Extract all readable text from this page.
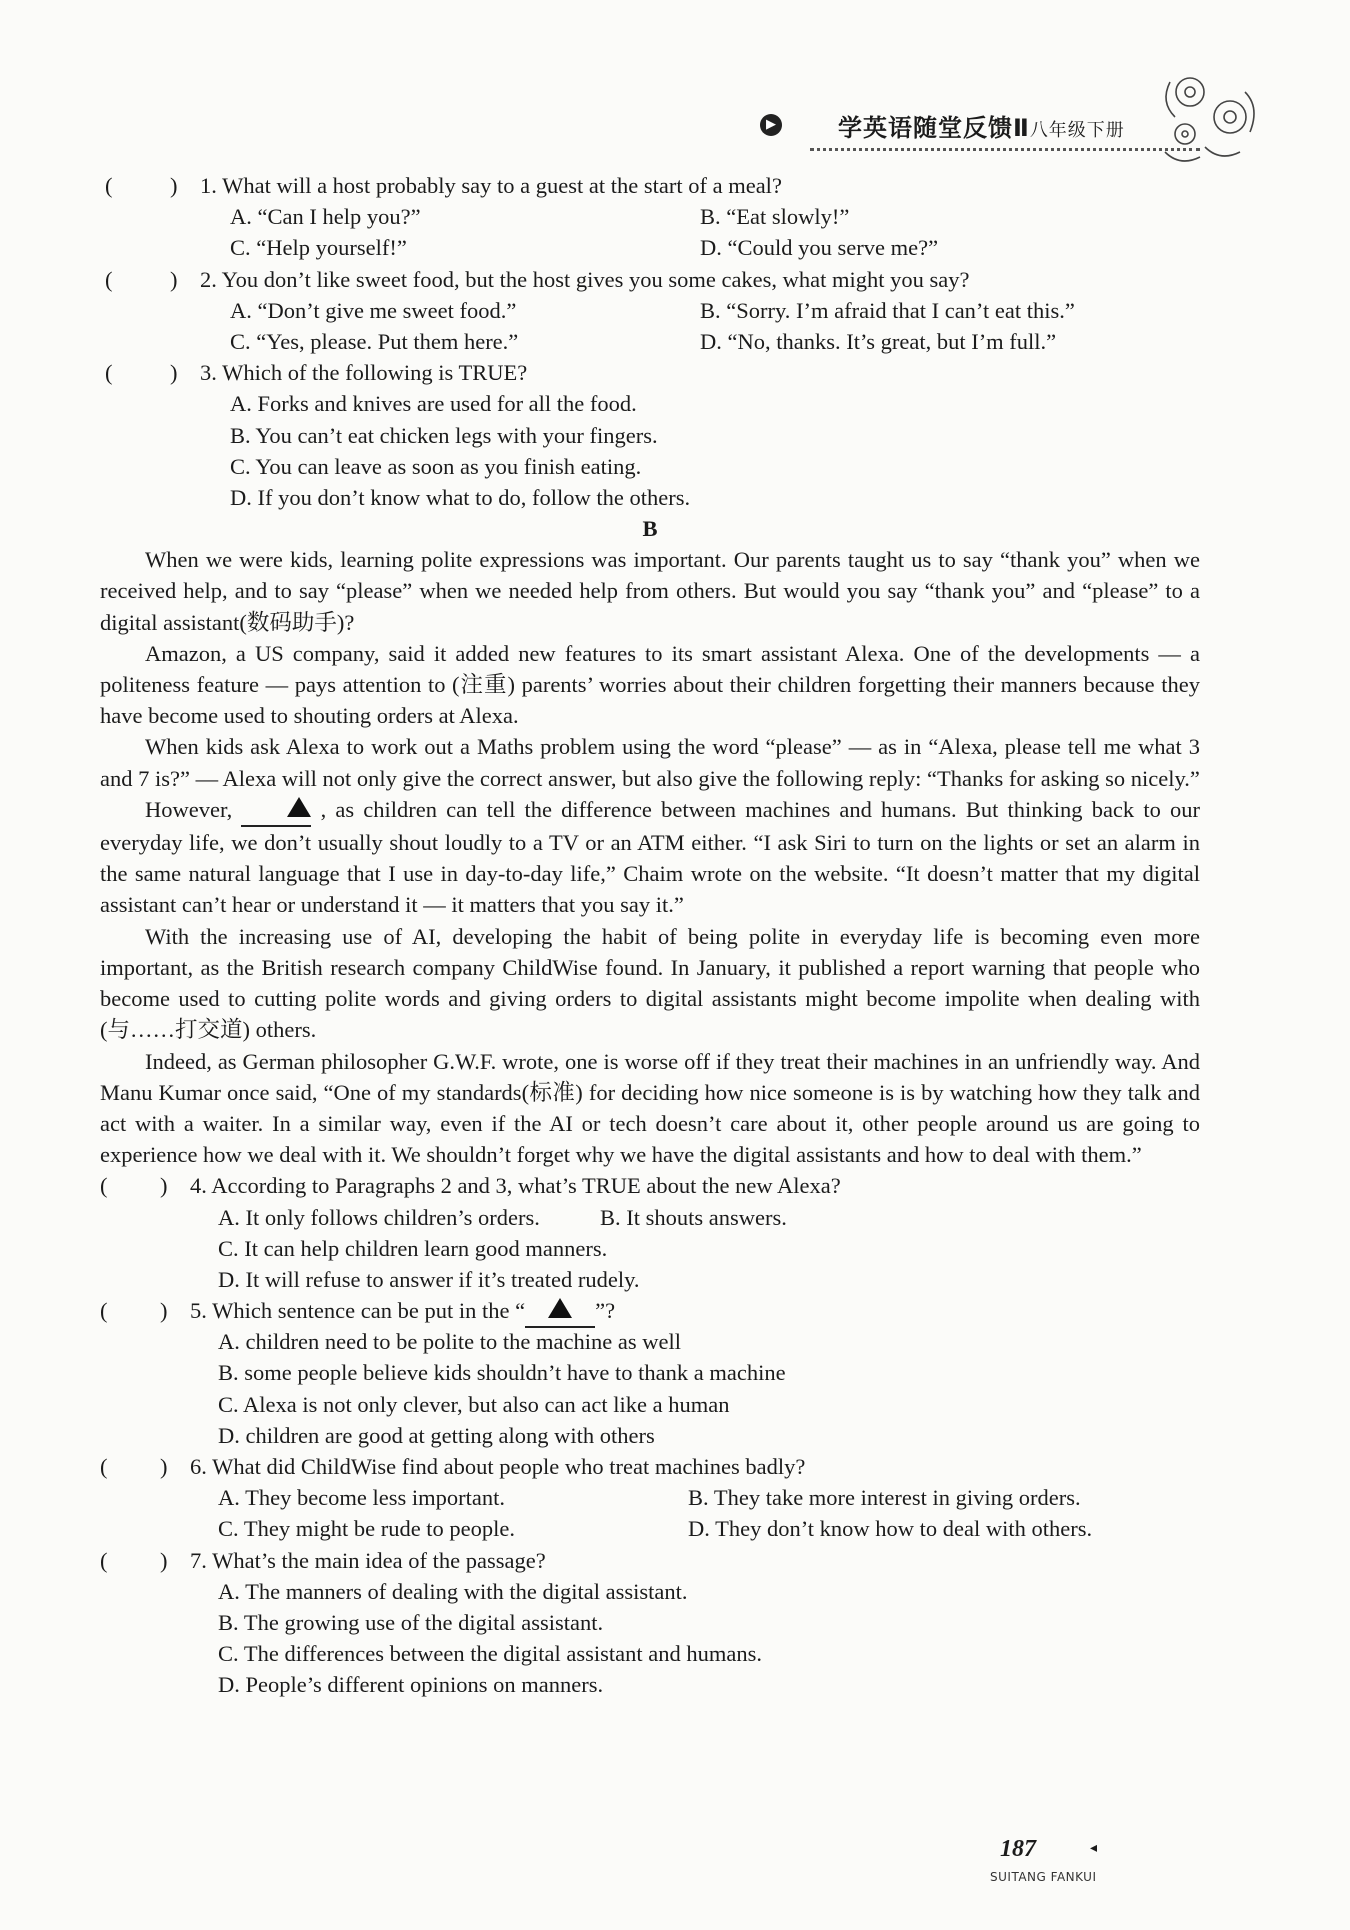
▶	学英语随堂反馈Ⅱ八年级下册
(	) 1. What will a host probably say to a guest at the start of a meal?
A. “Can I help you?”	B. “Eat slowly!”
C. “Help yourself!”	D. “Could you serve me?”
(	) 2. You don’t like sweet food, but the host gives you some cakes, what might you say?
A. “Don’t give me sweet food.”	B. “Sorry. I’m afraid that I can’t eat this.”
C. “Yes, please. Put them here.”	D. “No, thanks. It’s great, but I’m full.”
(	) 3. Which of the following is TRUE?
A. Forks and knives are used for all the food.
B. You can’t eat chicken legs with your fingers.
C. You can leave as soon as you finish eating.
D. If you don’t know what to do, follow the others.
B

When we were kids, learning polite expressions was important. Our parents taught us to say “thank you” when we received help, and to say “please” when we needed help from others. But would you say “thank you” and “please” to a digital assistant(数码助手)?

Amazon, a US company, said it added new features to its smart assistant Alexa. One of the developments — a politeness feature — pays attention to (注重) parents’ worries about their children forgetting their manners because they have become used to shouting orders at Alexa.

When kids ask Alexa to work out a Maths problem using the word “please” — as in “Alexa, please tell me what 3 and 7 is?” — Alexa will not only give the correct answer, but also give the following reply: “Thanks for asking so nicely.”

However,	, as children can tell the difference between machines and humans. But thinking back to our everyday life, we don’t usually shout loudly to a TV or an ATM either. “I ask Siri to turn on the lights or set an alarm in the same natural language that I use in day-to-day life,” Chaim wrote on the website. “It doesn’t matter that my digital assistant can’t hear or understand it — it matters that you say it.”

With the increasing use of AI, developing the habit of being polite in everyday life is becoming even more important, as the British research company ChildWise found. In January, it published a report warning that people who become used to cutting polite words and giving orders to digital assistants might become impolite when dealing with (与……打交道) others.

Indeed, as German philosopher G.W.F. wrote, one is worse off if they treat their machines in an unfriendly way. And Manu Kumar once said, “One of my standards(标准) for deciding how nice someone is is by watching how they talk and act with a waiter. In a similar way, even if the AI or tech doesn’t care about it, other people around us are going to experience how we deal with it. We shouldn’t forget why we have the digital assistants and how to deal with them.”

( ) 4. According to Paragraphs 2 and 3, what’s TRUE about the new Alexa?
A. It only follows children’s orders.	B. It shouts answers.
C. It can help children learn good manners.
D. It will refuse to answer if it’s treated rudely.
( ) 5. Which sentence can be put in the “	”?
A. children need to be polite to the machine as well
B. some people believe kids shouldn’t have to thank a machine
C. Alexa is not only clever, but also can act like a human
D. children are good at getting along with others
( ) 6. What did ChildWise find about people who treat machines badly?
A. They become less important.	B. They take more interest in giving orders.
C. They might be rude to people.	D. They don’t know how to deal with others.
( ) 7. What’s the main idea of the passage?
A. The manners of dealing with the digital assistant.
B. The growing use of the digital assistant.
C. The differences between the digital assistant and humans.
D. People’s different opinions on manners.
187	◂
SUITANG FANKUI
